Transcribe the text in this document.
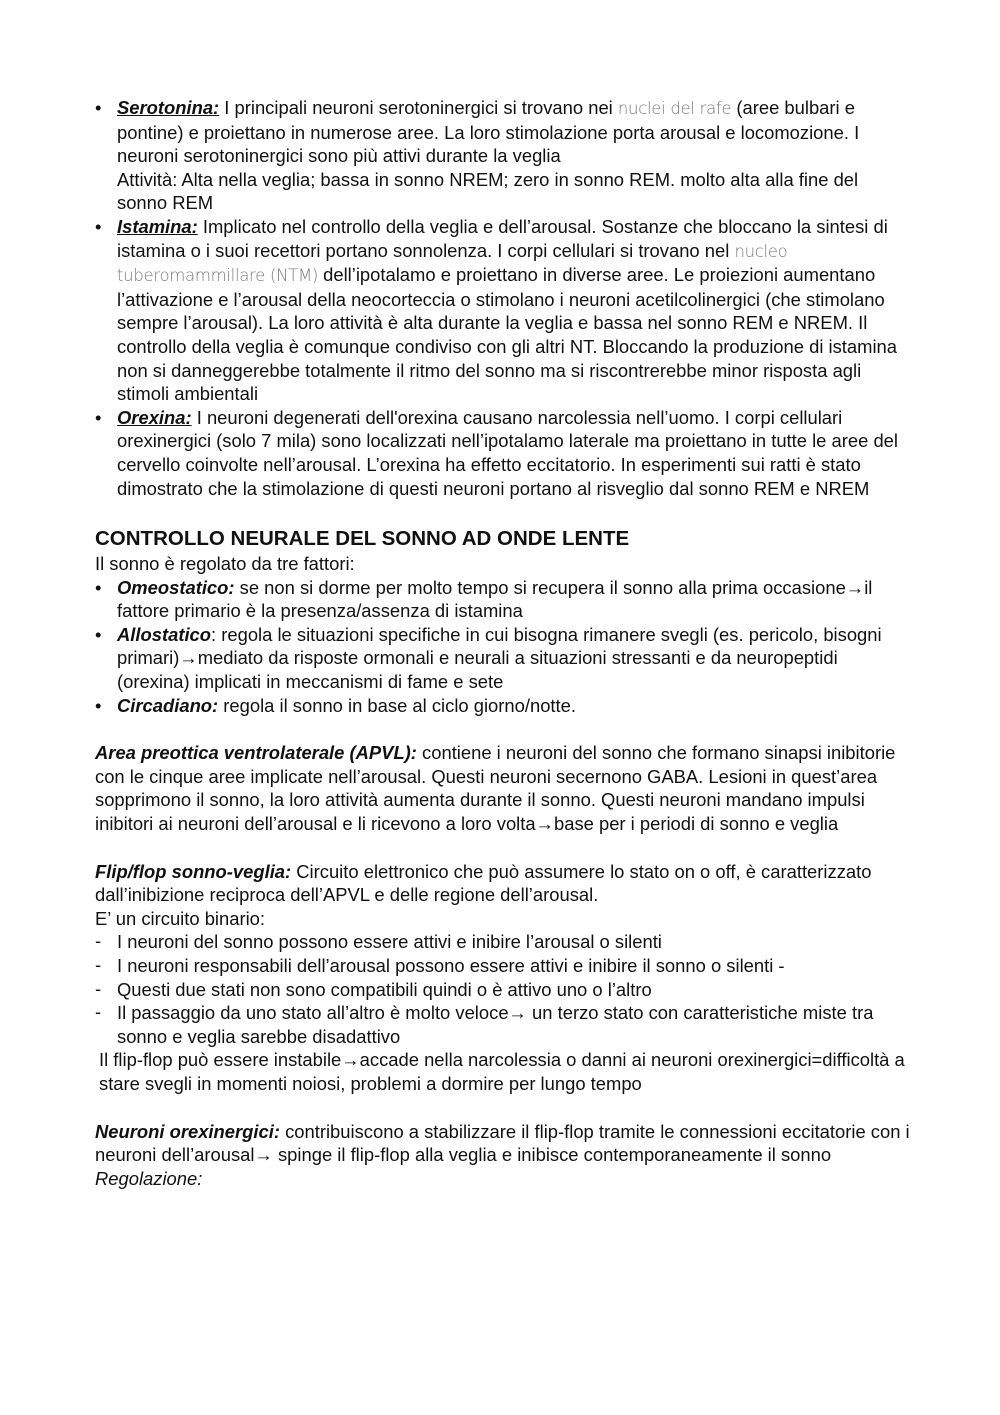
• Serotonina: I principali neuroni serotoninergici si trovano nei nuclei del rafe (aree bulbari e pontine) e proiettano in numerose aree. La loro stimolazione porta arousal e locomozione. I neuroni serotoninergici sono più attivi durante la veglia
Attività: Alta nella veglia; bassa in sonno NREM; zero in sonno REM. molto alta alla fine del sonno REM
• Istamina: Implicato nel controllo della veglia e dell’arousal. Sostanze che bloccano la sintesi di istamina o i suoi recettori portano sonnolenza. I corpi cellulari si trovano nel nucleo tuberomammillare (NTM) dell’ipotalamo e proiettano in diverse aree. Le proiezioni aumentano l’attivazione e l’arousal della neocorteccia o stimolano i neuroni acetilcolinergici (che stimolano sempre l’arousal). La loro attività è alta durante la veglia e bassa nel sonno REM e NREM. Il controllo della veglia è comunque condiviso con gli altri NT. Bloccando la produzione di istamina non si danneggerebbe totalmente il ritmo del sonno ma si riscontrerebbe minor risposta agli stimoli ambientali
• Orexina: I neuroni degenerati dell'orexina causano narcolessia nell’uomo. I corpi cellulari orexinergici (solo 7 mila) sono localizzati nell’ipotalamo laterale ma proiettano in tutte le aree del cervello coinvolte nell’arousal. L’orexina ha effetto eccitatorio. In esperimenti sui ratti è stato dimostrato che la stimolazione di questi neuroni portano al risveglio dal sonno REM e NREM
CONTROLLO NEURALE DEL SONNO AD ONDE LENTE

Il sonno è regolato da tre fattori:

• Omeostatico: se non si dorme per molto tempo si recupera il sonno alla prima occasione→il fattore primario è la presenza/assenza di istamina
• Allostatico: regola le situazioni specifiche in cui bisogna rimanere svegli (es. pericolo, bisogni primari)→mediato da risposte ormonali e neurali a situazioni stressanti e da neuropeptidi (orexina) implicati in meccanismi di fame e sete
• Circadiano: regola il sonno in base al ciclo giorno/notte.

Area preottica ventrolaterale (APVL): contiene i neuroni del sonno che formano sinapsi inibitorie con le cinque aree implicate nell’arousal. Questi neuroni secernono GABA. Lesioni in quest’area sopprimono il sonno, la loro attività aumenta durante il sonno. Questi neuroni mandano impulsi inibitori ai neuroni dell’arousal e li ricevono a loro volta→base per i periodi di sonno e veglia

Flip/flop sonno-veglia: Circuito elettronico che può assumere lo stato on o off, è caratterizzato dall’inibizione reciproca dell’APVL e delle regione dell’arousal.

E’ un circuito binario:

- I neuroni del sonno possono essere attivi e inibire l’arousal o silenti
- I neuroni responsabili dell’arousal possono essere attivi e inibire il sonno o silenti -
- Questi due stati non sono compatibili quindi o è attivo uno o l’altro
- Il passaggio da uno stato all’altro è molto veloce→ un terzo stato con caratteristiche miste tra sonno e veglia sarebbe disadattivo

Il flip-flop può essere instabile→accade nella narcolessia o danni ai neuroni orexinergici=difficoltà a stare svegli in momenti noiosi, problemi a dormire per lungo tempo

Neuroni orexinergici: contribuiscono a stabilizzare il flip-flop tramite le connessioni eccitatorie con i neuroni dell’arousal→ spinge il flip-flop alla veglia e inibisce contemporaneamente il sonno

Regolazione:
